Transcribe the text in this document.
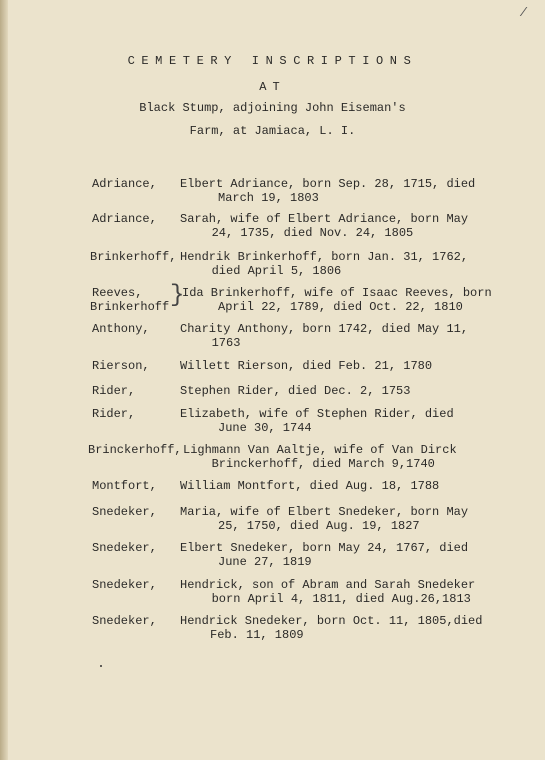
/
CEMETERY INSCRIPTIONS
AT
Black Stump, adjoining John Eiseman's
Farm, at Jamiaca, L. I.
Adriance, Elbert Adriance, born Sep. 28, 1715, died
March 19, 1803
Adriance, Sarah, wife of Elbert Adriance, born May
24, 1735, died Nov. 24, 1805
Brinkerhoff, Hendrik Brinkerhoff, born Jan. 31, 1762,
died April 5, 1806
Reeves,
Brinkerhoff }
Ida Brinkerhoff, wife of Isaac Reeves, born
April 22, 1789, died Oct. 22, 1810
Anthony,	Charity Anthony, born 1742, died May 11,
1763
Rierson,	Willett Rierson, died Feb. 21, 1780
Rider,	Stephen Rider, died Dec. 2, 1753
Rider,	Elizabeth, wife of Stephen Rider, died
June 30, 1744
Brinckerhoff, Lighmann Van Aaltje, wife of Van Dirck
Brinckerhoff, died March 9,1740
Montfort, William Montfort, died Aug. 18, 1788
Snedeker, Maria, wife of Elbert Snedeker, born May
25, 1750, died Aug. 19, 1827
Snedeker, Elbert Snedeker, born May 24, 1767, died
June 27, 1819
Snedeker, Hendrick, son of Abram and Sarah Snedeker
born April 4, 1811, died Aug.26,1813
Snedeker, Hendrick Snedeker, born Oct. 11, 1805,died
Feb. 11, 1809
